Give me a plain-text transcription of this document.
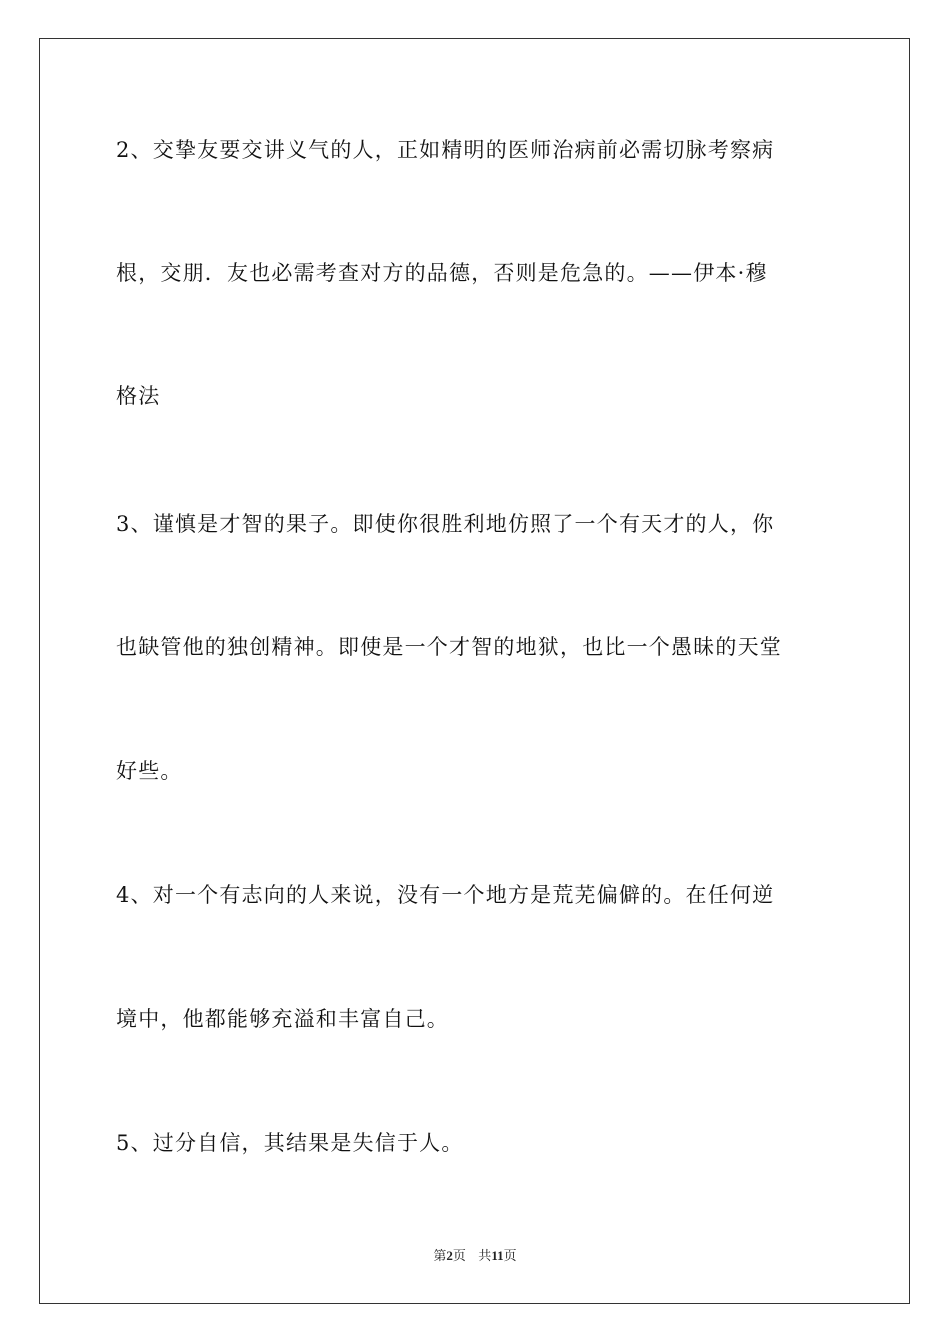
2、交挚友要交讲义气的人，正如精明的医师治病前必需切脉考察病
根，交朋．友也必需考查对方的品德，否则是危急的。——伊本·穆
格法
3、谨慎是才智的果子。即使你很胜利地仿照了一个有天才的人，你
也缺管他的独创精神。即使是一个才智的地狱，也比一个愚昧的天堂
好些。
4、对一个有志向的人来说，没有一个地方是荒芜偏僻的。在任何逆
境中，他都能够充溢和丰富自己。
5、过分自信，其结果是失信于人。
第2页 共11页
